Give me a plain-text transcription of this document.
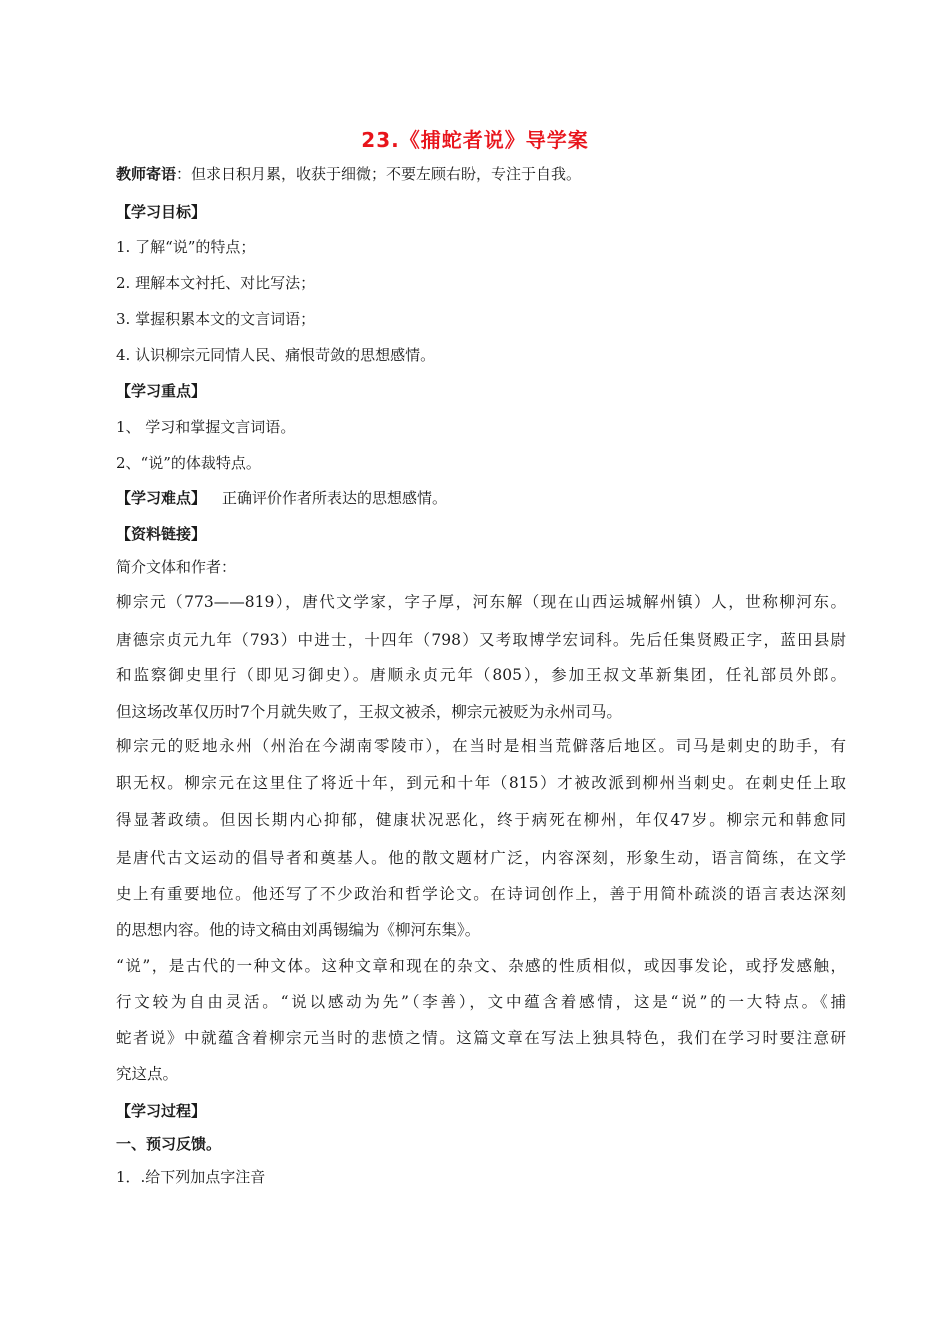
23.《捕蛇者说》导学案
教师寄语：但求日积月累，收获于细微；不要左顾右盼，专注于自我。
【学习目标】
1. 了解“说”的特点；
2. 理解本文衬托、对比写法；
3. 掌握积累本文的文言词语；
4. 认识柳宗元同情人民、痛恨苛敛的思想感情。
【学习重点】
1、 学习和掌握文言词语。
2、“说”的体裁特点。
【学习难点】 正确评价作者所表达的思想感情。
【资料链接】
简介文体和作者：
柳宗元（773——819），唐代文学家，字子厚，河东解（现在山西运城解州镇）人，世称柳河东。
唐德宗贞元九年（793）中进士，十四年（798）又考取博学宏词科。先后任集贤殿正字，蓝田县尉
和监察御史里行（即见习御史）。唐顺永贞元年（805），参加王叔文革新集团，任礼部员外郎。
但这场改革仅历时7个月就失败了，王叔文被杀，柳宗元被贬为永州司马。
柳宗元的贬地永州（州治在今湖南零陵市），在当时是相当荒僻落后地区。司马是刺史的助手，有
职无权。柳宗元在这里住了将近十年，到元和十年（815）才被改派到柳州当刺史。在刺史任上取
得显著政绩。但因长期内心抑郁，健康状况恶化，终于病死在柳州，年仅47岁。柳宗元和韩愈同
是唐代古文运动的倡导者和奠基人。他的散文题材广泛，内容深刻，形象生动，语言简练，在文学
史上有重要地位。他还写了不少政治和哲学论文。在诗词创作上，善于用简朴疏淡的语言表达深刻
的思想内容。他的诗文稿由刘禹锡编为《柳河东集》。
“说”，是古代的一种文体。这种文章和现在的杂文、杂感的性质相似，或因事发论，或抒发感触，
行文较为自由灵活。“说以感动为先”（李善），文中蕴含着感情，这是“说”的一大特点。《捕
蛇者说》中就蕴含着柳宗元当时的悲愤之情。这篇文章在写法上独具特色，我们在学习时要注意研
究这点。
【学习过程】
一、预习反馈。
1．.给下列加点字注音
